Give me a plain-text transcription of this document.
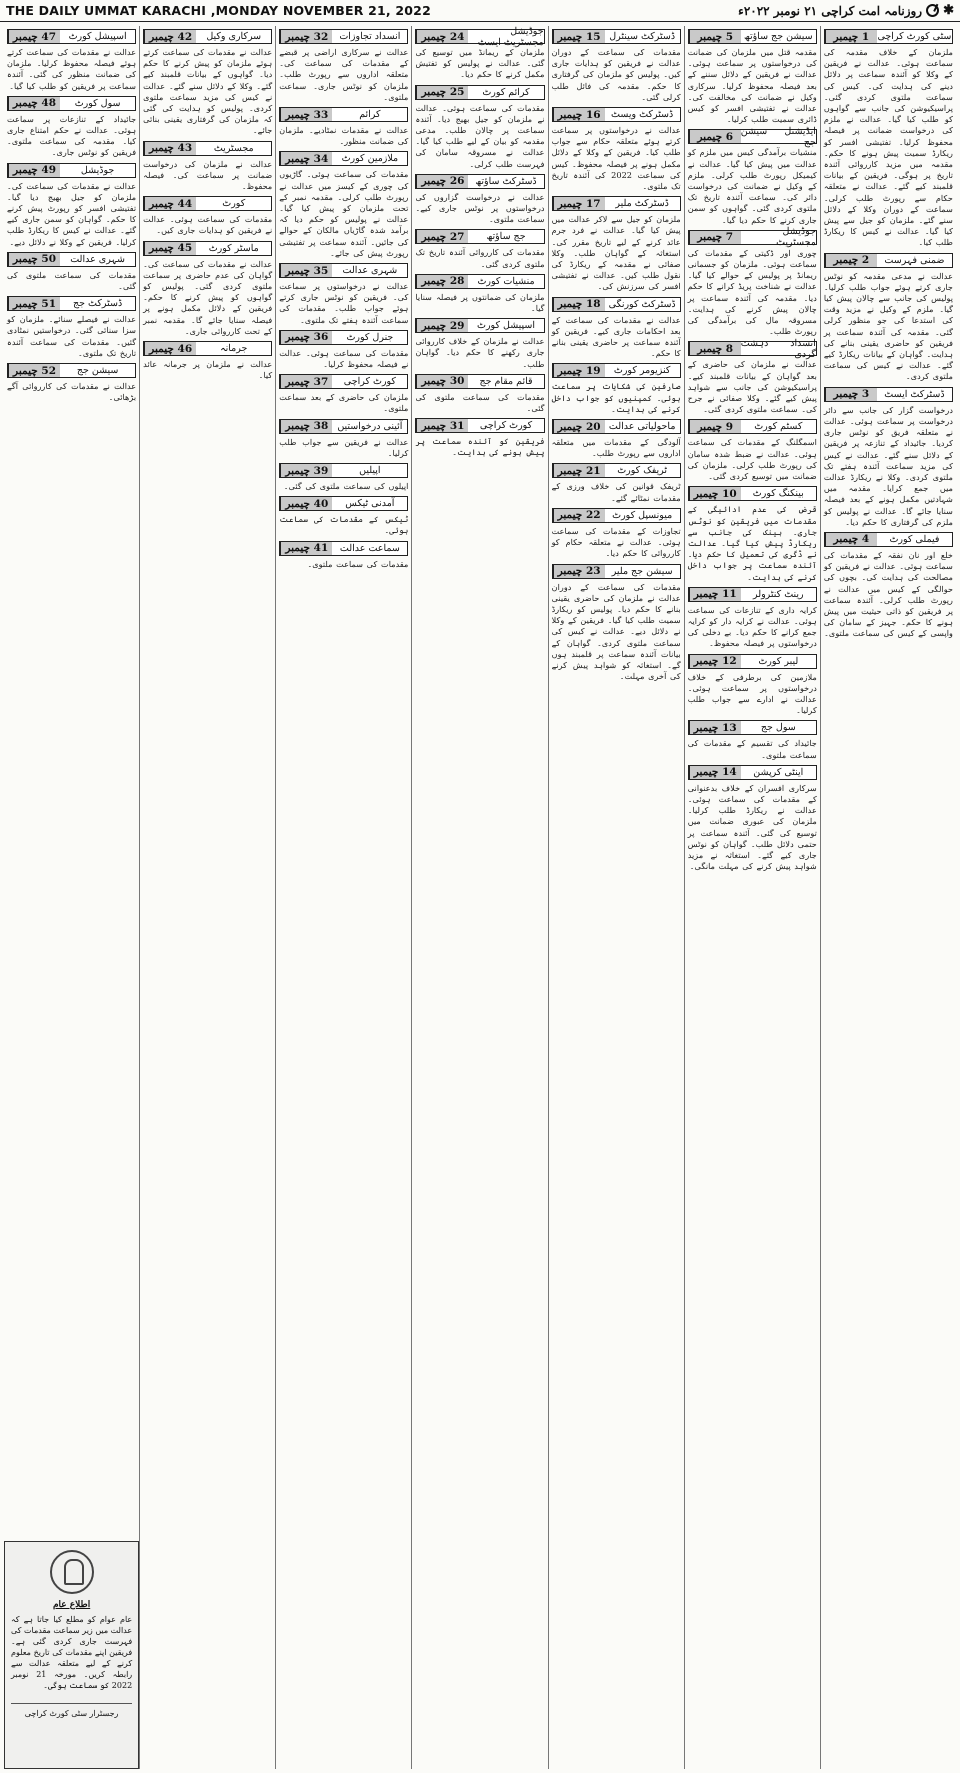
THE DAILY UMMAT KARACHI ,MONDAY NOVEMBER 21, 2022	✱
روزنامہ امت کراچی ۲۱ نومبر ۲۰۲۲ء
1 چیمبر سٹی کورٹ کراچی
ملزمان کے خلاف مقدمہ کی سماعت ہوئی۔ عدالت نے فریقین کے وکلا کو آئندہ سماعت پر دلائل دینے کی ہدایت کی۔ کیس کی سماعت ملتوی کردی گئی۔ پراسیکیوشن کی جانب سے گواہوں کو طلب کیا گیا۔ عدالت نے ملزم کی درخواست ضمانت پر فیصلہ محفوظ کرلیا۔ تفتیشی افسر کو ریکارڈ سمیت پیش ہونے کا حکم۔ مقدمہ میں مزید کارروائی آئندہ تاریخ پر ہوگی۔ فریقین کے بیانات قلمبند کیے گئے۔ عدالت نے متعلقہ حکام سے رپورٹ طلب کرلی۔ سماعت کے دوران وکلا کے دلائل سنے گئے۔ ملزمان کو جیل سے پیش کیا گیا۔ عدالت نے کیس کا ریکارڈ طلب کیا۔
2 چیمبر	ضمنی فہرست
عدالت نے مدعی مقدمہ کو نوٹس جاری کرتے ہوئے جواب طلب کرلیا۔ پولیس کی جانب سے چالان پیش کیا گیا۔ ملزم کے وکیل نے مزید وقت کی استدعا کی جو منظور کرلی گئی۔ مقدمہ کی آئندہ سماعت پر فریقین کو حاضری یقینی بنانے کی ہدایت۔ گواہان کے بیانات ریکارڈ کیے گئے۔ عدالت نے کیس کی سماعت ملتوی کردی۔
3 چیمبر	ڈسٹرکٹ ایسٹ
درخواست گزار کی جانب سے دائر درخواست پر سماعت ہوئی۔ عدالت نے متعلقہ فریق کو نوٹس جاری کردیا۔ جائیداد کے تنازعہ پر فریقین کے دلائل سنے گئے۔ عدالت نے کیس کی مزید سماعت آئندہ ہفتے تک ملتوی کردی۔ وکلا نے ریکارڈ عدالت میں جمع کرایا۔ مقدمہ میں شہادتیں مکمل ہونے کے بعد فیصلہ سنایا جائے گا۔ عدالت نے پولیس کو ملزم کی گرفتاری کا حکم دیا۔
4 چیمبر	فیملی کورٹ
خلع اور نان نفقہ کے مقدمات کی سماعت ہوئی۔ عدالت نے فریقین کو مصالحت کی ہدایت کی۔ بچوں کی حوالگی کے کیس میں عدالت نے رپورٹ طلب کرلی۔ آئندہ سماعت پر فریقین کو ذاتی حیثیت میں پیش ہونے کا حکم۔ جہیز کے سامان کی واپسی کے کیس کی سماعت ملتوی۔
5 چیمبر	سیشن جج ساؤتھ
مقدمہ قتل میں ملزمان کی ضمانت کی درخواستوں پر سماعت ہوئی۔ عدالت نے فریقین کے دلائل سننے کے بعد فیصلہ محفوظ کرلیا۔ سرکاری وکیل نے ضمانت کی مخالفت کی۔ عدالت نے تفتیشی افسر کو کیس ڈائری سمیت طلب کرلیا۔
6 چیمبر ایڈیشنل سیشن جج
منشیات برآمدگی کیس میں ملزم کو عدالت میں پیش کیا گیا۔ عدالت نے کیمیکل رپورٹ طلب کرلی۔ ملزم کے وکیل نے ضمانت کی درخواست دائر کی۔ سماعت آئندہ تاریخ تک ملتوی کردی گئی۔ گواہوں کو سمن جاری کرنے کا حکم دیا گیا۔
7 چیمبر	جوڈیشل مجسٹریٹ
چوری اور ڈکیتی کے مقدمات کی سماعت ہوئی۔ ملزمان کو جسمانی ریمانڈ پر پولیس کے حوالے کیا گیا۔ عدالت نے شناخت پریڈ کرانے کا حکم دیا۔ مقدمہ کی آئندہ سماعت پر چالان پیش کرنے کی ہدایت۔ مسروقہ مال کی برآمدگی کی رپورٹ طلب۔
8 چیمبر انسداد دہشت گردی
عدالت نے ملزمان کی حاضری کے بعد گواہان کے بیانات قلمبند کیے۔ پراسیکیوشن کی جانب سے شواہد پیش کیے گئے۔ وکلا صفائی نے جرح کی۔ سماعت ملتوی کردی گئی۔
9 چیمبر	کسٹم کورٹ
اسمگلنگ کے مقدمات کی سماعت ہوئی۔ عدالت نے ضبط شدہ سامان کی رپورٹ طلب کرلی۔ ملزمان کی ضمانت میں توسیع کردی گئی۔
10 چیمبر	بینکنگ کورٹ
قرض کی عدم ادائیگی کے مقدمات میں فریقین کو نوٹس جاری۔ بینک کی جانب سے ریکارڈ پیش کیا گیا۔ عدالت نے ڈگری کی تعمیل کا حکم دیا۔ آئندہ سماعت پر جواب داخل کرنے کی ہدایت۔
11 چیمبر	رینٹ کنٹرولر
کرایہ داری کے تنازعات کی سماعت ہوئی۔ عدالت نے کرایہ دار کو کرایہ جمع کرانے کا حکم دیا۔ بے دخلی کی درخواستوں پر فیصلہ محفوظ۔
12 چیمبر	لیبر کورٹ
ملازمین کی برطرفی کے خلاف درخواستوں پر سماعت ہوئی۔ عدالت نے ادارے سے جواب طلب کرلیا۔
13 چیمبر	سول جج
جائیداد کی تقسیم کے مقدمات کی سماعت ملتوی۔
14 چیمبر	اینٹی کرپشن
سرکاری افسران کے خلاف بدعنوانی کے مقدمات کی سماعت ہوئی۔ عدالت نے ریکارڈ طلب کرلیا۔ ملزمان کی عبوری ضمانت میں توسیع کی گئی۔ آئندہ سماعت پر حتمی دلائل طلب۔ گواہان کو نوٹس جاری کیے گئے۔ استغاثہ نے مزید شواہد پیش کرنے کی مہلت مانگی۔
15 چیمبر ڈسٹرکٹ سینٹرل
مقدمات کی سماعت کے دوران عدالت نے فریقین کو ہدایات جاری کیں۔ پولیس کو ملزمان کی گرفتاری کا حکم۔ مقدمہ کی فائل طلب کرلی گئی۔
16 چیمبر	ڈسٹرکٹ ویسٹ
عدالت نے درخواستوں پر سماعت کرتے ہوئے متعلقہ حکام سے جواب طلب کیا۔ فریقین کے وکلا کے دلائل مکمل ہونے پر فیصلہ محفوظ۔ کیس کی سماعت 2022 کی آئندہ تاریخ تک ملتوی۔
17 چیمبر	ڈسٹرکٹ ملیر
ملزمان کو جیل سے لاکر عدالت میں پیش کیا گیا۔ عدالت نے فرد جرم عائد کرنے کے لیے تاریخ مقرر کی۔ استغاثہ کے گواہان طلب۔ وکلا صفائی نے مقدمہ کے ریکارڈ کی نقول طلب کیں۔ عدالت نے تفتیشی افسر کی سرزنش کی۔
18 چیمبر ڈسٹرکٹ کورنگی
عدالت نے مقدمات کی سماعت کے بعد احکامات جاری کیے۔ فریقین کو آئندہ سماعت پر حاضری یقینی بنانے کا حکم۔
19 چیمبر	کنزیومر کورٹ
صارفین کی شکایات پر سماعت ہوئی۔ کمپنیوں کو جواب داخل کرنے کی ہدایت۔
20 چیمبر ماحولیاتی عدالت
آلودگی کے مقدمات میں متعلقہ اداروں سے رپورٹ طلب۔
21 چیمبر	ٹریفک کورٹ
ٹریفک قوانین کی خلاف ورزی کے مقدمات نمٹائے گئے۔
22 چیمبر	میونسپل کورٹ
تجاوزات کے مقدمات کی سماعت ہوئی۔ عدالت نے متعلقہ حکام کو کارروائی کا حکم دیا۔
23 چیمبر	سیشن جج ملیر
مقدمات کی سماعت کے دوران عدالت نے ملزمان کی حاضری یقینی بنانے کا حکم دیا۔ پولیس کو ریکارڈ سمیت طلب کیا گیا۔ فریقین کے وکلا نے دلائل دیے۔ عدالت نے کیس کی سماعت ملتوی کردی۔ گواہان کے بیانات آئندہ سماعت پر قلمبند ہوں گے۔ استغاثہ کو شواہد پیش کرنے کی آخری مہلت۔
24 چیمبر	جوڈیشل مجسٹریٹ ایسٹ
ملزمان کے ریمانڈ میں توسیع کی گئی۔ عدالت نے پولیس کو تفتیش مکمل کرنے کا حکم دیا۔
25 چیمبر	کرائم کورٹ
مقدمات کی سماعت ہوئی۔ عدالت نے ملزمان کو جیل بھیج دیا۔ آئندہ سماعت پر چالان طلب۔ مدعی مقدمہ کو بیان کے لیے طلب کیا گیا۔ عدالت نے مسروقہ سامان کی فہرست طلب کرلی۔
26 چیمبر	ڈسٹرکٹ ساؤتھ
عدالت نے درخواست گزاروں کی درخواستوں پر نوٹس جاری کیے۔ سماعت ملتوی۔
27 چیمبر	جج ساؤتھ
مقدمات کی کارروائی آئندہ تاریخ تک ملتوی کردی گئی۔
28 چیمبر	منشیات کورٹ
ملزمان کی ضمانتوں پر فیصلہ سنایا گیا۔
29 چیمبر	اسپیشل کورٹ
عدالت نے ملزمان کے خلاف کارروائی جاری رکھنے کا حکم دیا۔ گواہان طلب۔
30 چیمبر	قائم مقام جج
مقدمات کی سماعت ملتوی کی گئی۔
31 چیمبر	کورٹ کراچی
فریقین کو آئندہ سماعت پر پیش ہونے کی ہدایت۔
32 چیمبر	انسداد تجاوزات
عدالت نے سرکاری اراضی پر قبضے کے مقدمات کی سماعت کی۔ متعلقہ اداروں سے رپورٹ طلب۔ ملزمان کو نوٹس جاری۔ سماعت ملتوی۔
33 چیمبر	کرائم
عدالت نے مقدمات نمٹادیے۔ ملزمان کی ضمانت منظور۔
34 چیمبر	ملازمین کورٹ
مقدمات کی سماعت ہوئی۔ گاڑیوں کی چوری کے کیسز میں عدالت نے رپورٹ طلب کرلی۔ مقدمہ نمبر کے تحت ملزمان کو پیش کیا گیا۔ عدالت نے پولیس کو حکم دیا کہ برآمد شدہ گاڑیاں مالکان کے حوالے کی جائیں۔ آئندہ سماعت پر تفتیشی رپورٹ پیش کی جائے۔
35 چیمبر	شہری عدالت
عدالت نے درخواستوں پر سماعت کی۔ فریقین کو نوٹس جاری کرتے ہوئے جواب طلب۔ مقدمات کی سماعت آئندہ ہفتے تک ملتوی۔
36 چیمبر	جنرل کورٹ
مقدمات کی سماعت ہوئی۔ عدالت نے فیصلہ محفوظ کرلیا۔
37 چیمبر	کورٹ کراچی
ملزمان کی حاضری کے بعد سماعت ملتوی۔
38 چیمبر آئینی درخواستیں
عدالت نے فریقین سے جواب طلب کرلیا۔
39 چیمبر	اپیلیں
اپیلوں کی سماعت ملتوی کی گئی۔
40 چیمبر	آمدنی ٹیکس
ٹیکس کے مقدمات کی سماعت ہوئی۔
41 چیمبر	سماعت عدالت
مقدمات کی سماعت ملتوی۔
42 چیمبر	سرکاری وکیل
عدالت نے مقدمات کی سماعت کرتے ہوئے ملزمان کو پیش کرنے کا حکم دیا۔ گواہوں کے بیانات قلمبند کیے گئے۔ وکلا کے دلائل سنے گئے۔ عدالت نے کیس کی مزید سماعت ملتوی کردی۔ پولیس کو ہدایت کی گئی کہ ملزمان کی گرفتاری یقینی بنائی جائے۔
43 چیمبر	مجسٹریٹ
عدالت نے ملزمان کی درخواست ضمانت پر سماعت کی۔ فیصلہ محفوظ۔
44 چیمبر	کورٹ
مقدمات کی سماعت ہوئی۔ عدالت نے فریقین کو ہدایات جاری کیں۔
45 چیمبر	ماسٹر کورٹ
عدالت نے مقدمات کی سماعت کی۔ گواہان کی عدم حاضری پر سماعت ملتوی کردی گئی۔ پولیس کو گواہوں کو پیش کرنے کا حکم۔ فریقین کے دلائل مکمل ہونے پر فیصلہ سنایا جائے گا۔ مقدمہ نمبر کے تحت کارروائی جاری۔
46 چیمبر	جرمانہ
عدالت نے ملزمان پر جرمانہ عائد کیا۔
47 چیمبر	اسپیشل کورٹ
عدالت نے مقدمات کی سماعت کرتے ہوئے فیصلہ محفوظ کرلیا۔ ملزمان کی ضمانت منظور کی گئی۔ آئندہ سماعت پر فریقین کو طلب کیا گیا۔
48 چیمبر	سول کورٹ
جائیداد کے تنازعات پر سماعت ہوئی۔ عدالت نے حکم امتناع جاری کیا۔ مقدمہ کی سماعت ملتوی۔ فریقین کو نوٹس جاری۔
49 چیمبر	جوڈیشل
عدالت نے مقدمات کی سماعت کی۔ ملزمان کو جیل بھیج دیا گیا۔ تفتیشی افسر کو رپورٹ پیش کرنے کا حکم۔ گواہان کو سمن جاری کیے گئے۔ عدالت نے کیس کا ریکارڈ طلب کرلیا۔ فریقین کے وکلا نے دلائل دیے۔
50 چیمبر	شہری عدالت
مقدمات کی سماعت ملتوی کی گئی۔
51 چیمبر	ڈسٹرکٹ جج
عدالت نے فیصلے سنائے۔ ملزمان کو سزا سنائی گئی۔ درخواستیں نمٹادی گئیں۔ مقدمات کی سماعت آئندہ تاریخ تک ملتوی۔
52 چیمبر	سیشن جج
عدالت نے مقدمات کی کارروائی آگے بڑھائی۔
اطلاع عام
عام عوام کو مطلع کیا جاتا ہے کہ عدالت میں زیر سماعت مقدمات کی فہرست جاری کردی گئی ہے۔ فریقین اپنے مقدمات کی تاریخ معلوم کرنے کے لیے متعلقہ عدالت سے رابطہ کریں۔ مورخہ 21 نومبر 2022 کو سماعت ہوگی۔
رجسٹرار سٹی کورٹ کراچی
